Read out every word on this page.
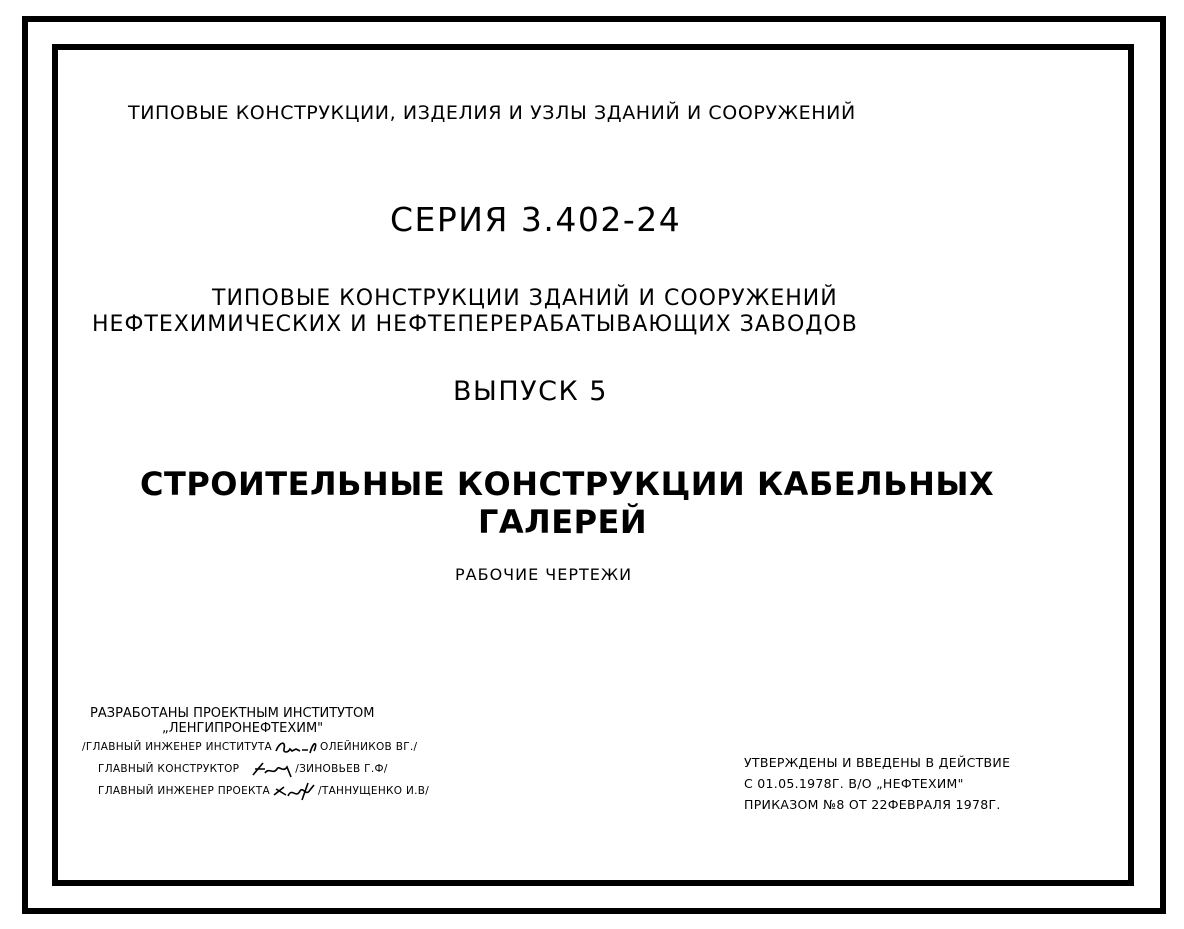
ТИПОВЫЕ КОНСТРУКЦИИ, ИЗДЕЛИЯ И УЗЛЫ ЗДАНИЙ И СООРУЖЕНИЙ
СЕРИЯ 3.402-24
ТИПОВЫЕ КОНСТРУКЦИИ ЗДАНИЙ И СООРУЖЕНИЙ
НЕФТЕХИМИЧЕСКИХ И НЕФТЕПЕРЕРАБАТЫВАЮЩИХ ЗАВОДОВ
ВЫПУСК 5
СТРОИТЕЛЬНЫЕ КОНСТРУКЦИИ КАБЕЛЬНЫХ
ГАЛЕРЕЙ
РАБОЧИЕ ЧЕРТЕЖИ
РАЗРАБОТАНЫ ПРОЕКТНЫМ ИНСТИТУТОМ
„ЛЕНГИПРОНЕФТЕХИМ"
/ГЛАВНЫЙ ИНЖЕНЕР ИНСТИТУТА	ОЛЕЙНИКОВ ВГ./
ГЛАВНЫЙ КОНСТРУКТОР	/ЗИНОВЬЕВ Г.Ф/
ГЛАВНЫЙ ИНЖЕНЕР ПРОЕКТА	/ТАННУЩЕНКО И.В/
УТВЕРЖДЕНЫ И ВВЕДЕНЫ В ДЕЙСТВИЕ
С 01.05.1978Г. В/О „НЕФТЕХИМ"
ПРИКАЗОМ №8 ОТ 22ФЕВРАЛЯ 1978Г.
